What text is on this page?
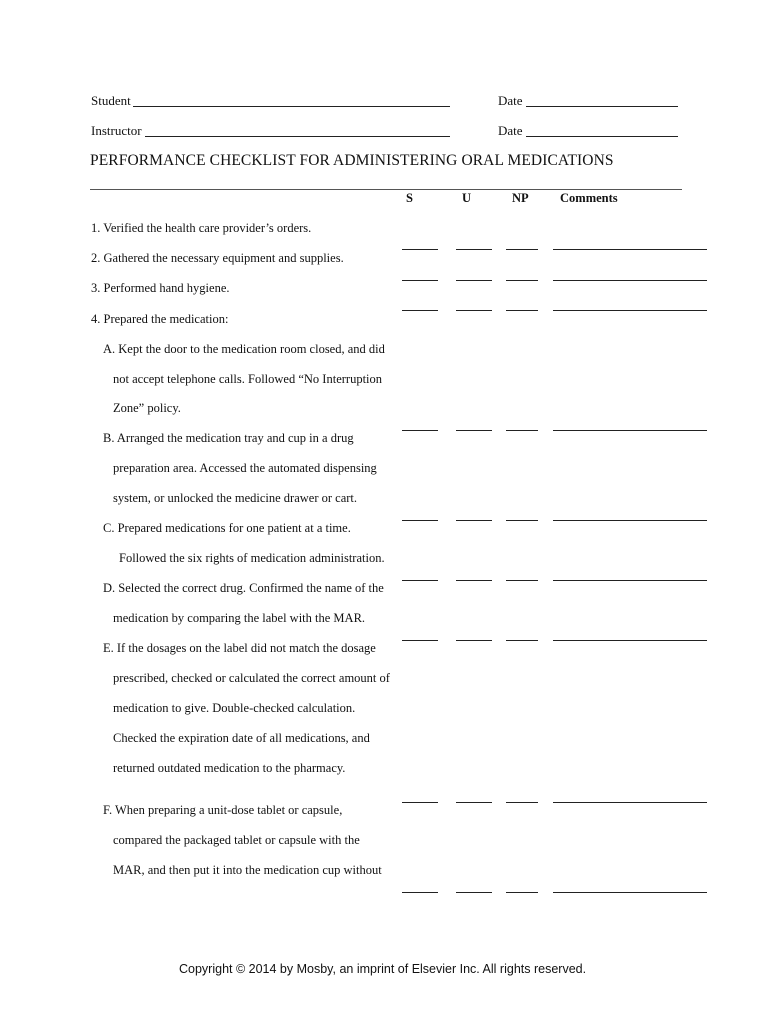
Student	Date
Instructor	Date
PERFORMANCE CHECKLIST FOR ADMINISTERING ORAL MEDICATIONS
S	U	NP	Comments
1. Verified the health care provider’s orders.
2. Gathered the necessary equipment and supplies.
3. Performed hand hygiene.
4. Prepared the medication:
A. Kept the door to the medication room closed, and did
not accept telephone calls. Followed “No Interruption
Zone” policy.
B. Arranged the medication tray and cup in a drug
preparation area. Accessed the automated dispensing
system, or unlocked the medicine drawer or cart.
C. Prepared medications for one patient at a time.
Followed the six rights of medication administration.
D. Selected the correct drug. Confirmed the name of the
medication by comparing the label with the MAR.
E. If the dosages on the label did not match the dosage
prescribed, checked or calculated the correct amount of
medication to give. Double-checked calculation.
Checked the expiration date of all medications, and
returned outdated medication to the pharmacy.
F. When preparing a unit-dose tablet or capsule,
compared the packaged tablet or capsule with the
MAR, and then put it into the medication cup without
Copyright © 2014 by Mosby, an imprint of Elsevier Inc. All rights reserved.
